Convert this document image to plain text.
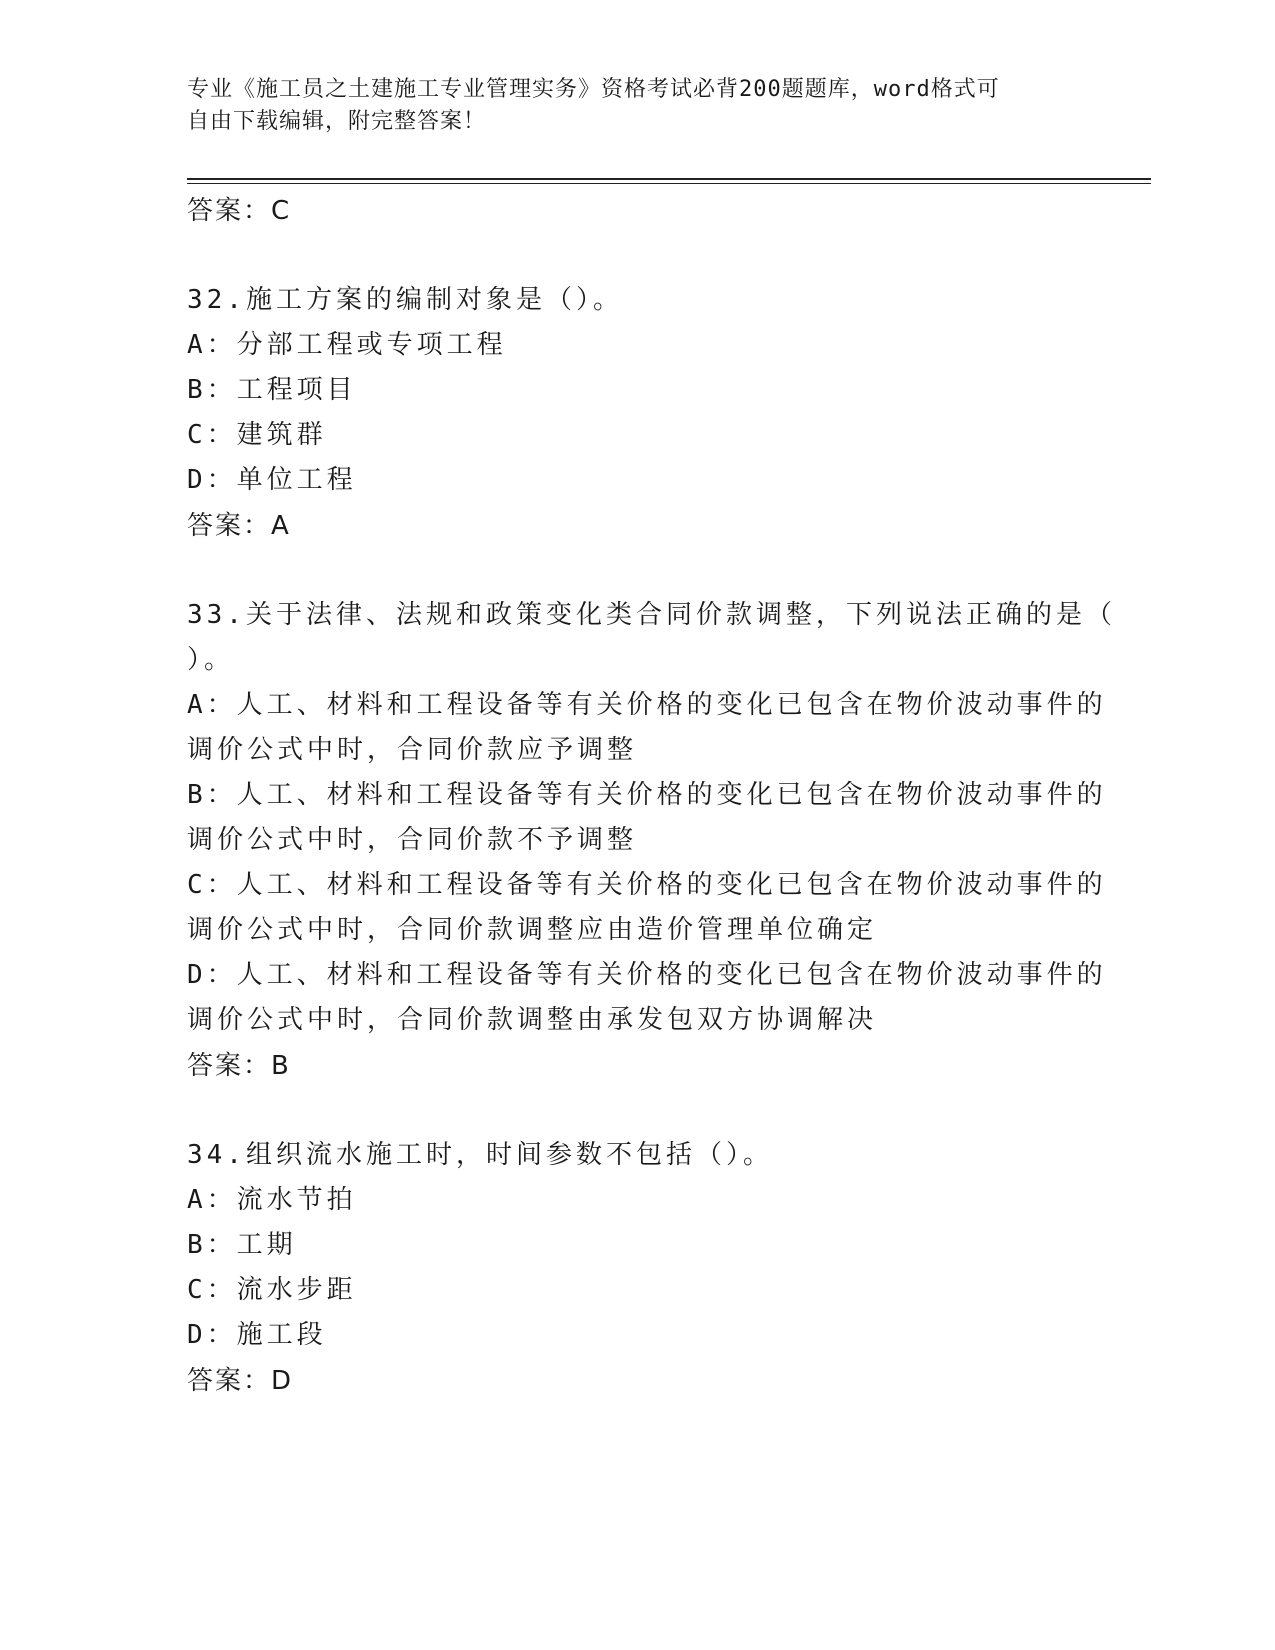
专业《施工员之土建施工专业管理实务》资格考试必背200题题库，word格式可
自由下载编辑，附完整答案！
答案：C
32.施工方案的编制对象是（）。
A：分部工程或专项工程
B：工程项目
C：建筑群
D：单位工程
答案：A
33.关于法律、法规和政策变化类合同价款调整，下列说法正确的是（
）。
A：人工、材料和工程设备等有关价格的变化已包含在物价波动事件的
调价公式中时，合同价款应予调整
B：人工、材料和工程设备等有关价格的变化已包含在物价波动事件的
调价公式中时，合同价款不予调整
C：人工、材料和工程设备等有关价格的变化已包含在物价波动事件的
调价公式中时，合同价款调整应由造价管理单位确定
D：人工、材料和工程设备等有关价格的变化已包含在物价波动事件的
调价公式中时，合同价款调整由承发包双方协调解决
答案：B
34.组织流水施工时，时间参数不包括（）。
A：流水节拍
B：工期
C：流水步距
D：施工段
答案：D
